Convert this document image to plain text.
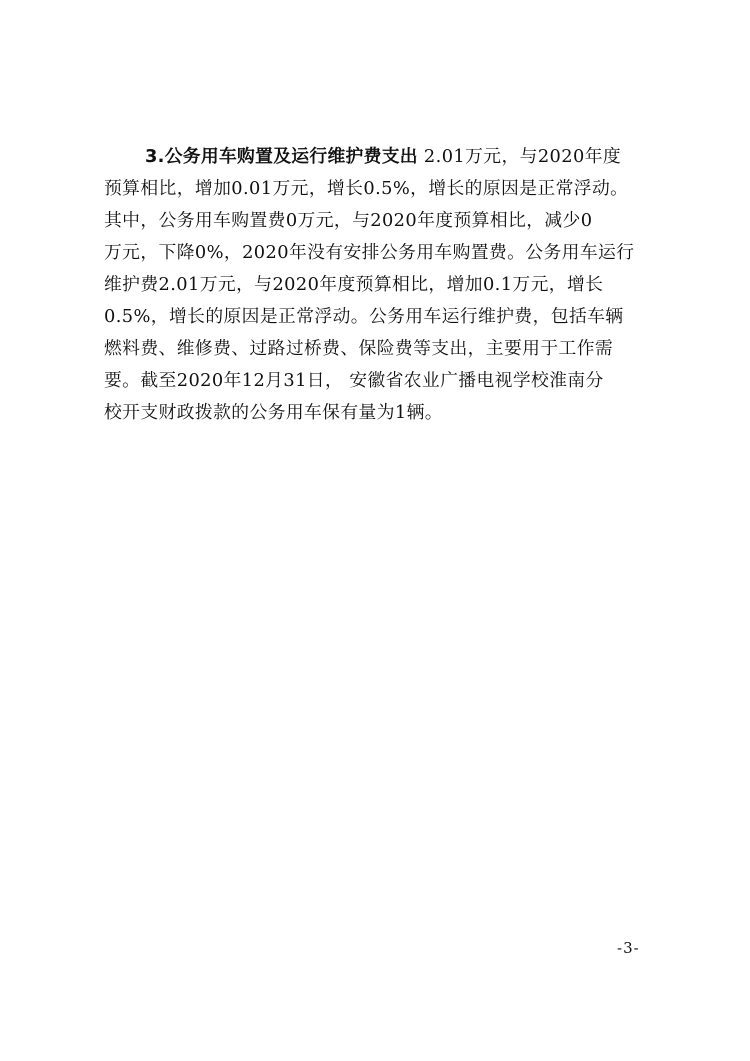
3.公务用车购置及运行维护费支出 2.01万元，与2020年度
预算相比，增加0.01万元，增长0.5%，增长的原因是正常浮动。
其中，公务用车购置费0万元，与2020年度预算相比，减少0
万元，下降0%，2020年没有安排公务用车购置费。公务用车运行
维护费2.01万元，与2020年度预算相比，增加0.1万元，增长
0.5%，增长的原因是正常浮动。公务用车运行维护费，包括车辆
燃料费、维修费、过路过桥费、保险费等支出，主要用于工作需
要。截至2020年12月31日， 安徽省农业广播电视学校淮南分
校开支财政拨款的公务用车保有量为1辆。
-3-
